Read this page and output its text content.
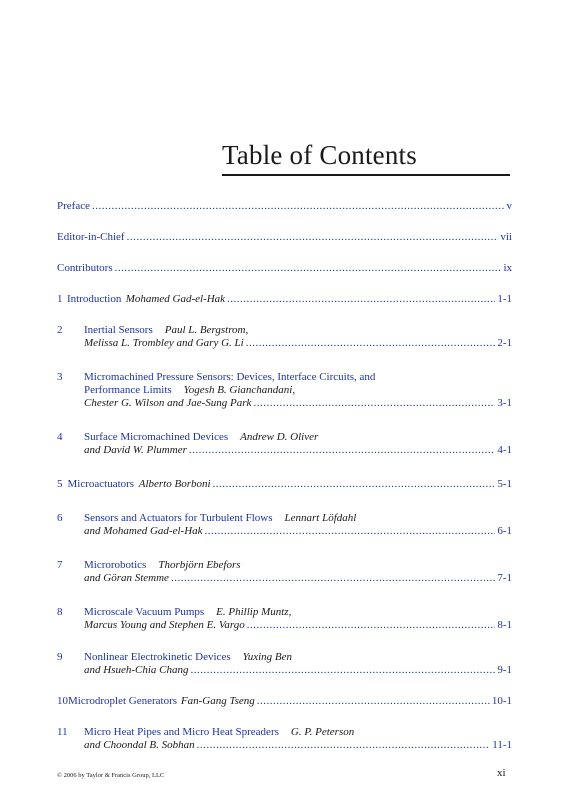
Table of Contents
Preface .....	v
Editor-in-Chief .....	vii
Contributors .....	ix
1 Introduction Mohamed Gad-el-Hak .....	1-1
2	Inertial Sensors Paul L. Bergstrom,
Melissa L. Trombley and Gary G. Li .....	2-1
3	Micromachined Pressure Sensors: Devices, Interface Circuits, and
Performance Limits Yogesh B. Gianchandani,
Chester G. Wilson and Jae-Sung Park .....	3-1
4	Surface Micromachined Devices Andrew D. Oliver
and David W. Plummer .....	4-1
5 Microactuators Alberto Borboni .....	5-1
6	Sensors and Actuators for Turbulent Flows Lennart Löfdahl
and Mohamed Gad-el-Hak .....	6-1
7	Microrobotics Thorbjörn Ebefors
and Göran Stemme .....	7-1
8	Microscale Vacuum Pumps E. Phillip Muntz,
Marcus Young and Stephen E. Vargo .....	8-1
9	Nonlinear Electrokinetic Devices Yuxing Ben
and Hsueh-Chia Chang .....	9-1
10 Microdroplet Generators Fan-Gang Tseng .....	10-1
11	Micro Heat Pipes and Micro Heat Spreaders G. P. Peterson
and Choondal B. Sobhan .....	11-1
© 2006 by Taylor & Francis Group, LLC	xi
